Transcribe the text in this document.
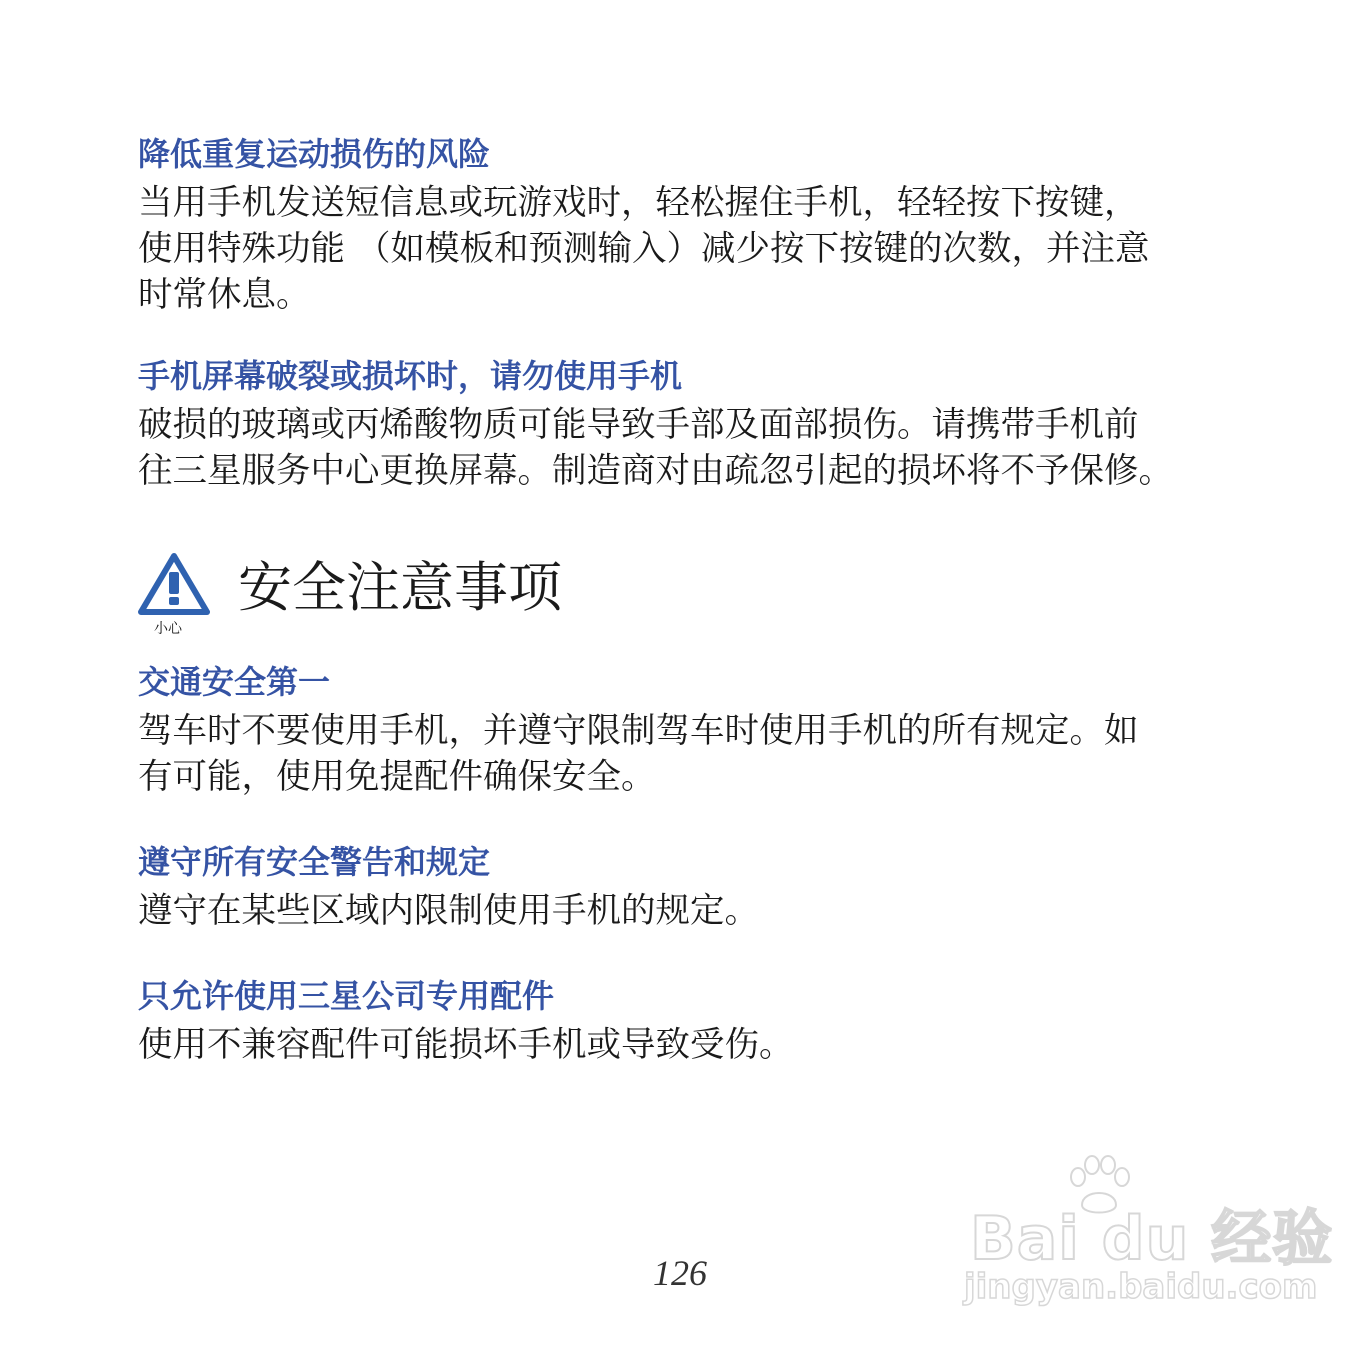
降低重复运动损伤的风险

当用手机发送短信息或玩游戏时，轻松握住手机，轻轻按下按键，
使用特殊功能 （如模板和预测输入）减少按下按键的次数，并注意
时常休息。

手机屏幕破裂或损坏时，请勿使用手机

破损的玻璃或丙烯酸物质可能导致手部及面部损伤。请携带手机前
往三星服务中心更换屏幕。制造商对由疏忽引起的损坏将不予保修。

交通安全第一

驾车时不要使用手机，并遵守限制驾车时使用手机的所有规定。如
有可能，使用免提配件确保安全。

遵守所有安全警告和规定

遵守在某些区域内限制使用手机的规定。

只允许使用三星公司专用配件

使用不兼容配件可能损坏手机或导致受伤。

小心
安全注意事项
126	Bai du 经验
jingyan.baidu.com
